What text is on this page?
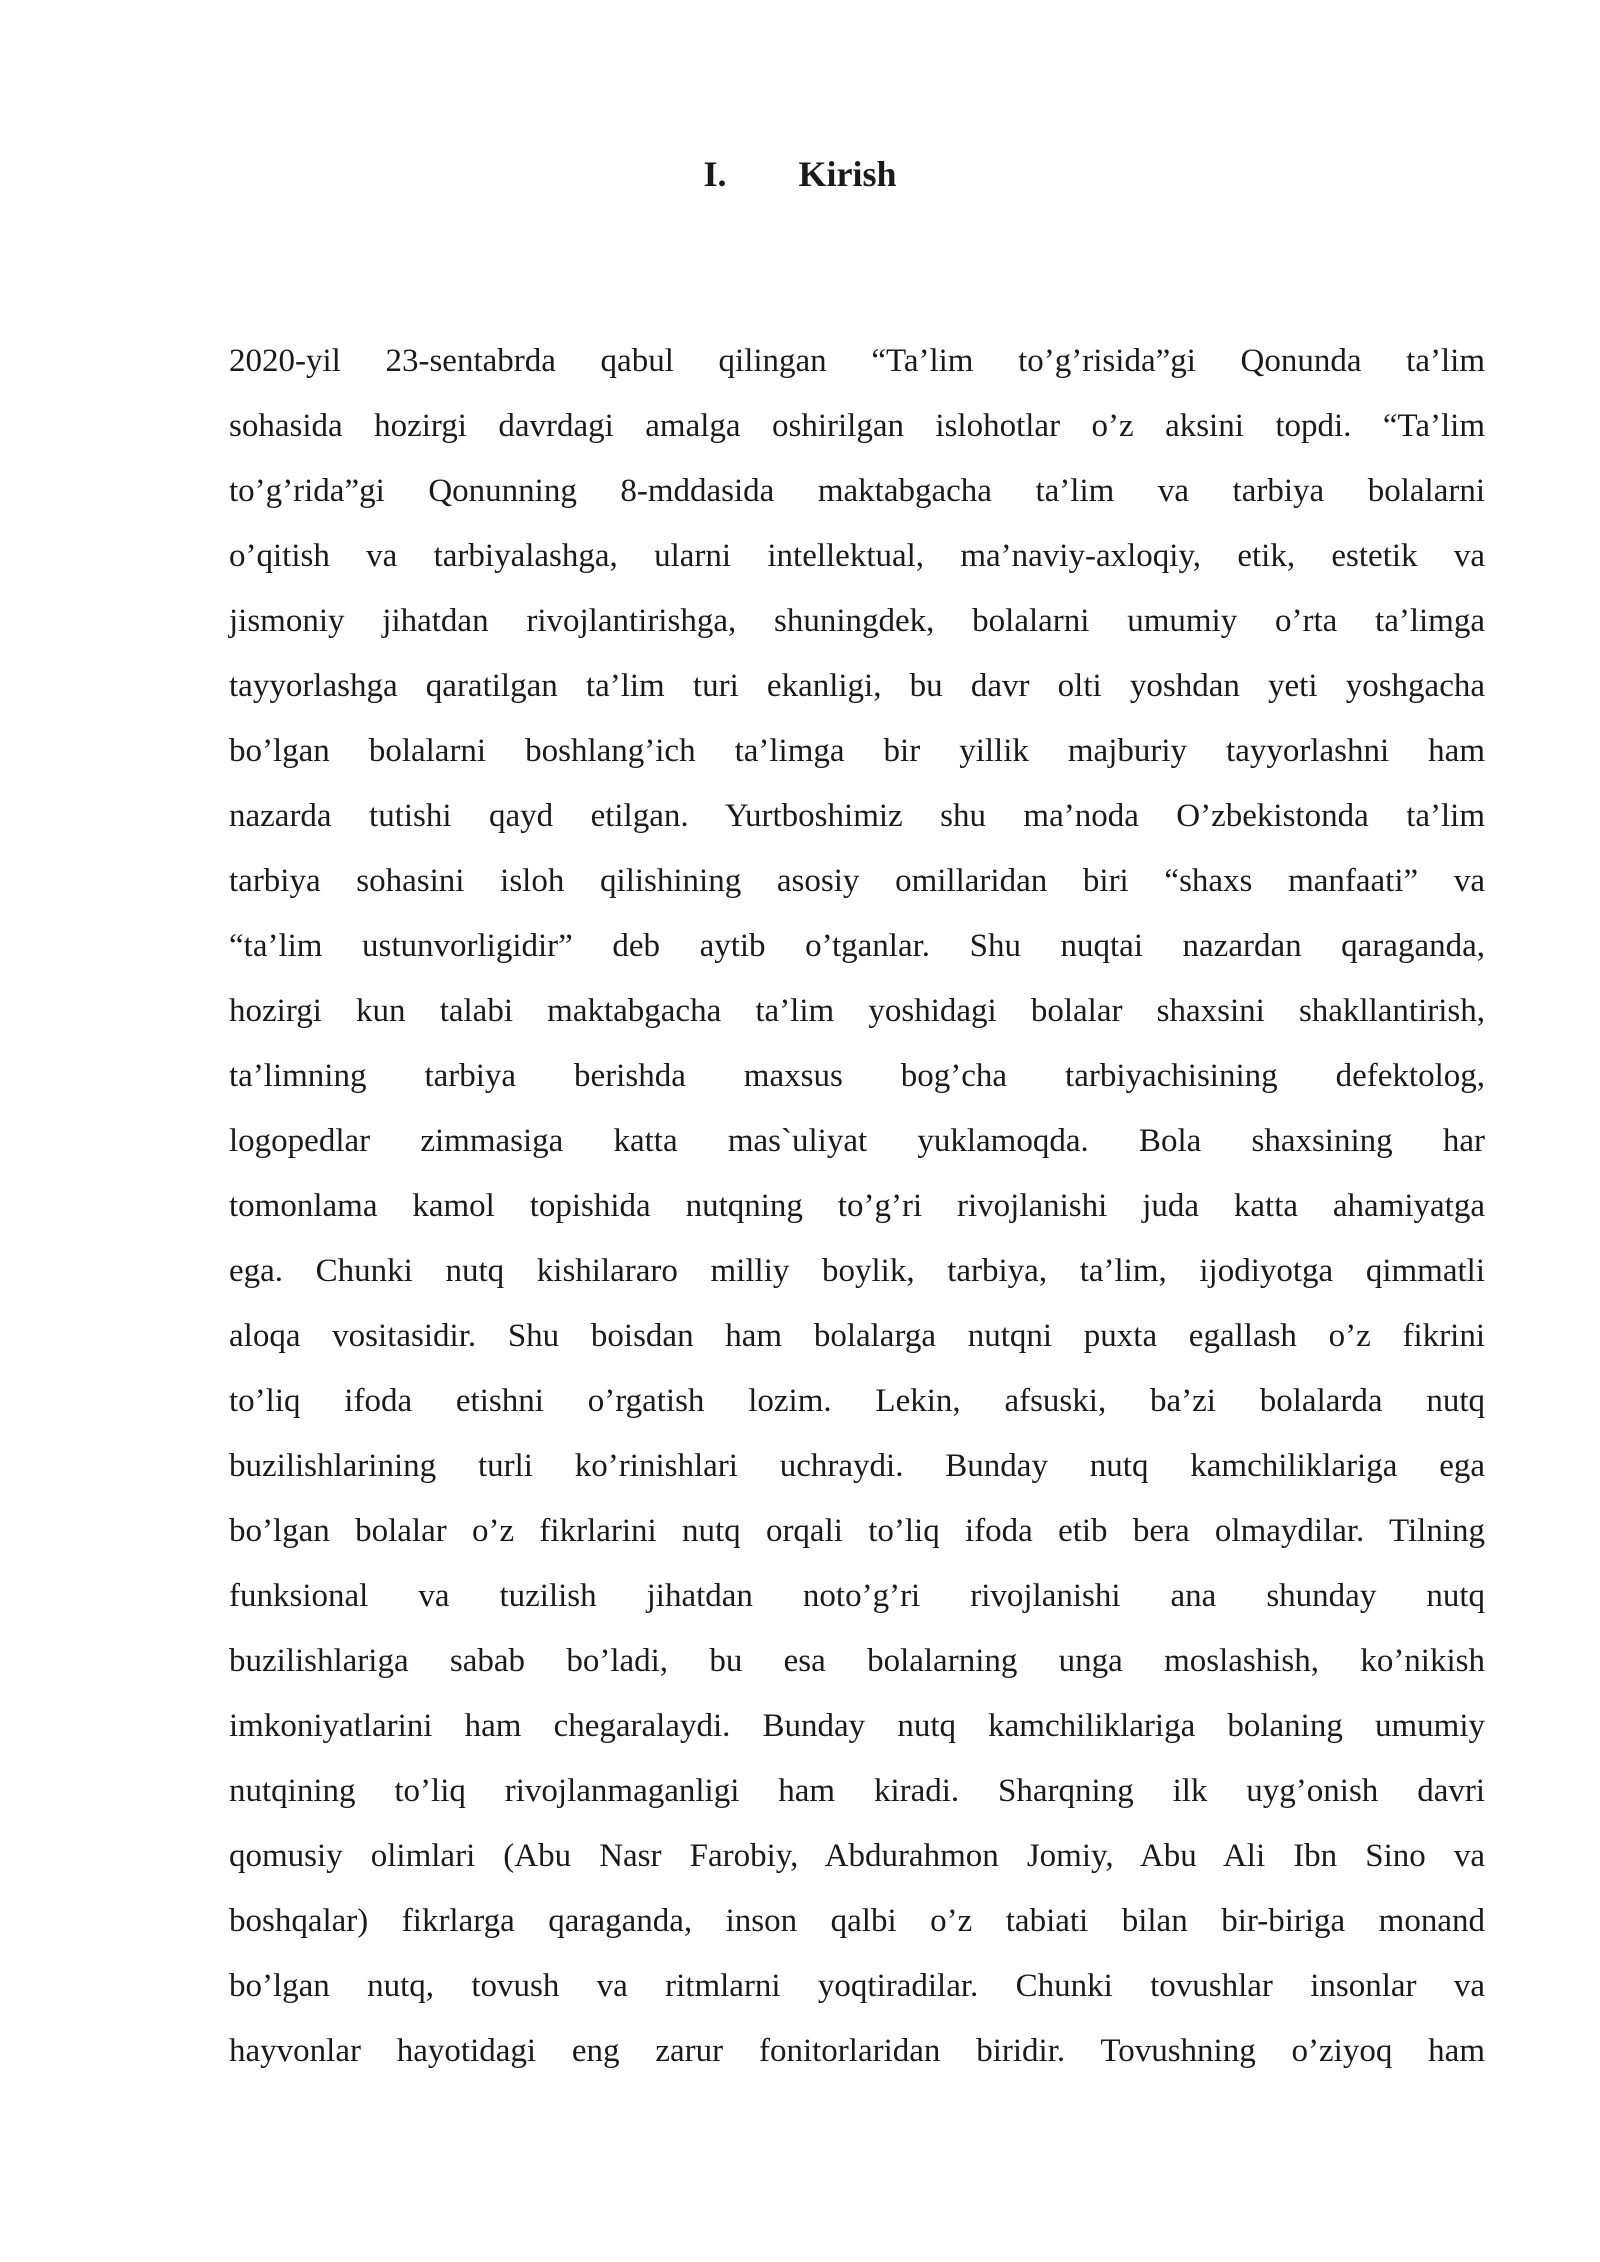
I. Kirish
2020-yil 23-sentabrda qabul qilingan “Ta’lim to’g’risida”gi Qonunda ta’lim
sohasida hozirgi davrdagi amalga oshirilgan islohotlar o’z aksini topdi. “Ta’lim
to’g’rida”gi Qonunning 8-mddasida maktabgacha ta’lim va tarbiya bolalarni
o’qitish va tarbiyalashga, ularni intellektual, ma’naviy-axloqiy, etik, estetik va
jismoniy jihatdan rivojlantirishga, shuningdek, bolalarni umumiy o’rta ta’limga
tayyorlashga qaratilgan ta’lim turi ekanligi, bu davr olti yoshdan yeti yoshgacha
bo’lgan bolalarni boshlang’ich ta’limga bir yillik majburiy tayyorlashni ham
nazarda tutishi qayd etilgan. Yurtboshimiz shu ma’noda O’zbekistonda ta’lim
tarbiya sohasini isloh qilishining asosiy omillaridan biri “shaxs manfaati” va
“ta’lim ustunvorligidir” deb aytib o’tganlar. Shu nuqtai nazardan qaraganda,
hozirgi kun talabi maktabgacha ta’lim yoshidagi bolalar shaxsini shakllantirish,
ta’limning tarbiya berishda maxsus bog’cha tarbiyachisining defektolog,
logopedlar zimmasiga katta mas`uliyat yuklamoqda. Bola shaxsining har
tomonlama kamol topishida nutqning to’g’ri rivojlanishi juda katta ahamiyatga
ega. Chunki nutq kishilararo milliy boylik, tarbiya, ta’lim, ijodiyotga qimmatli
aloqa vositasidir. Shu boisdan ham bolalarga nutqni puxta egallash o’z fikrini
to’liq ifoda etishni o’rgatish lozim. Lekin, afsuski, ba’zi bolalarda nutq
buzilishlarining turli ko’rinishlari uchraydi. Bunday nutq kamchiliklariga ega
bo’lgan bolalar o’z fikrlarini nutq orqali to’liq ifoda etib bera olmaydilar. Tilning
funksional va tuzilish jihatdan noto’g’ri rivojlanishi ana shunday nutq
buzilishlariga sabab bo’ladi, bu esa bolalarning unga moslashish, ko’nikish
imkoniyatlarini ham chegaralaydi. Bunday nutq kamchiliklariga bolaning umumiy
nutqining to’liq rivojlanmaganligi ham kiradi. Sharqning ilk uyg’onish davri
qomusiy olimlari (Abu Nasr Farobiy, Abdurahmon Jomiy, Abu Ali Ibn Sino va
boshqalar) fikrlarga qaraganda, inson qalbi o’z tabiati bilan bir-biriga monand
bo’lgan nutq, tovush va ritmlarni yoqtiradilar. Chunki tovushlar insonlar va
hayvonlar hayotidagi eng zarur fonitorlaridan biridir. Tovushning o’ziyoq ham
